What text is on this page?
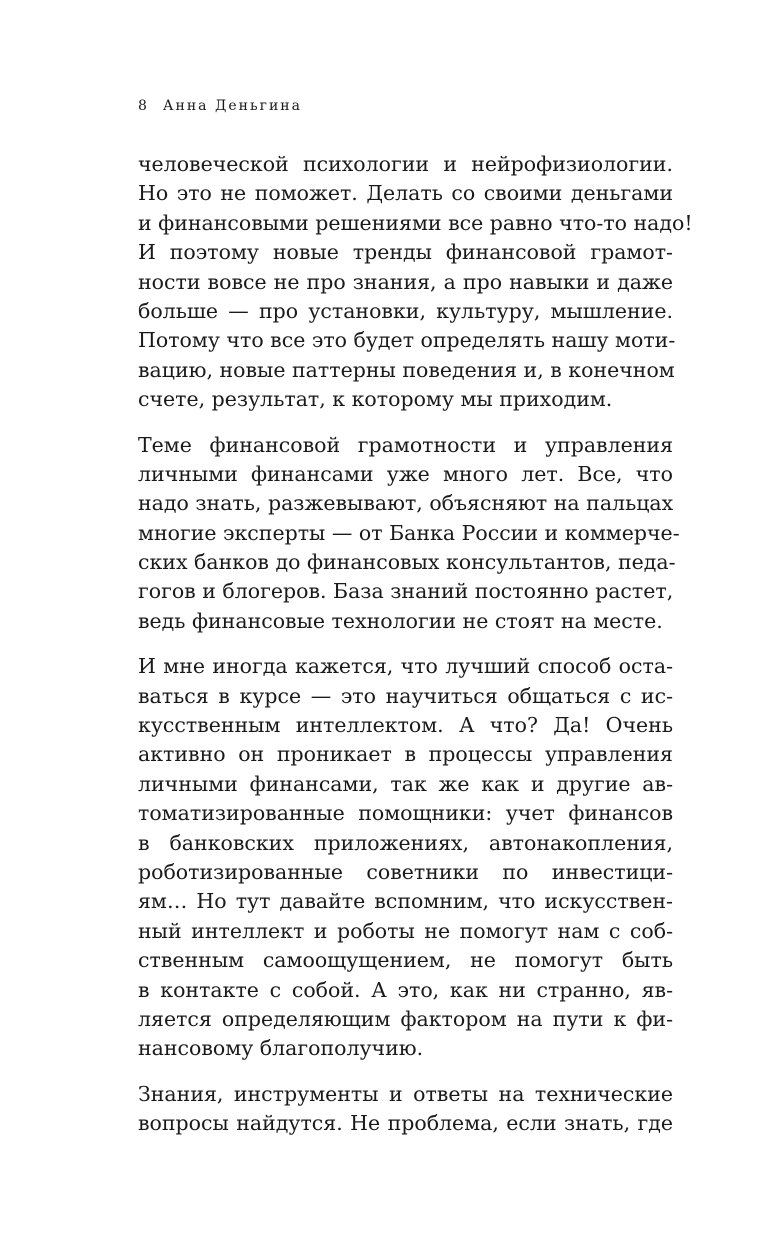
8 Анна Деньгина
человеческой психологии и нейрофизиологии.
Но это не поможет. Делать со своими деньгами
и финансовыми решениями все равно что-то надо!
И поэтому новые тренды финансовой грамот-
ности вовсе не про знания, а про навыки и даже
больше — про установки, культуру, мышление.
Потому что все это будет определять нашу моти-
вацию, новые паттерны поведения и, в конечном
счете, результат, к которому мы приходим.
Теме финансовой грамотности и управления
личными финансами уже много лет. Все, что
надо знать, разжевывают, объясняют на пальцах
многие эксперты — от Банка России и коммерче-
ских банков до финансовых консультантов, педа-
гогов и блогеров. База знаний постоянно растет,
ведь финансовые технологии не стоят на месте.
И мне иногда кажется, что лучший способ оста-
ваться в курсе — это научиться общаться с ис-
кусственным интеллектом. А что? Да! Очень
активно он проникает в процессы управления
личными финансами, так же как и другие ав-
томатизированные помощники: учет финансов
в банковских приложениях, автонакопления,
роботизированные советники по инвестици-
ям… Но тут давайте вспомним, что искусствен-
ный интеллект и роботы не помогут нам с соб-
ственным самоощущением, не помогут быть
в контакте с собой. А это, как ни странно, яв-
ляется определяющим фактором на пути к фи-
нансовому благополучию.
Знания, инструменты и ответы на технические
вопросы найдутся. Не проблема, если знать, где
